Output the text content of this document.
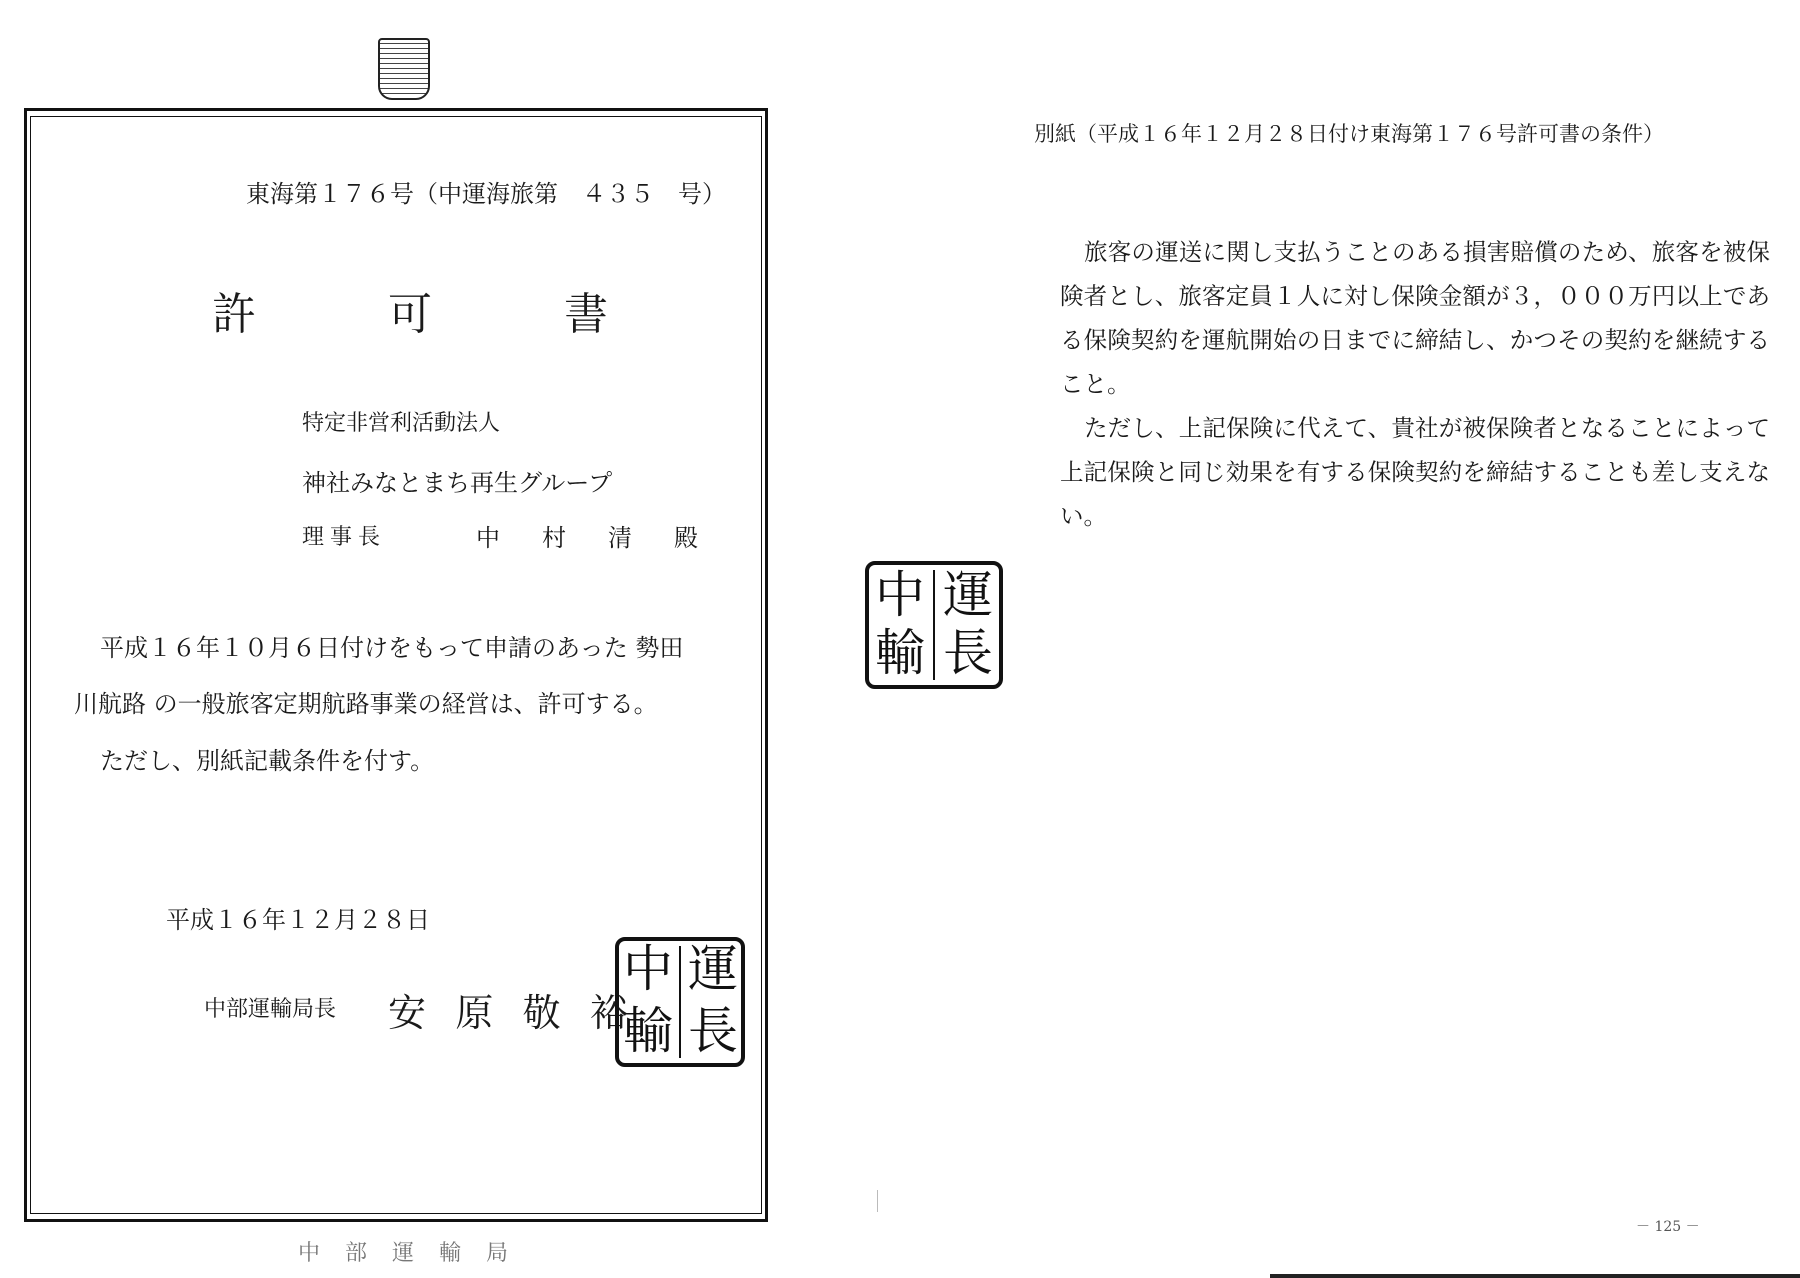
東海第１７６号（中運海旅第　４３５　号）
許	可	書
特定非営利活動法人
神社みなとまち再生グループ
理事長	中 村 清 殿
平成１６年１０月６日付けをもって申請のあった 勢田
川航路 の一般旅客定期航路事業の経営は、許可する。
ただし、別紙記載条件を付す。
平成１６年１２月２８日
中部運輸局長 安 原 敬 裕
運
長
中
輸
中 部 運 輸 局
別紙（平成１６年１２月２８日付け東海第１７６号許可書の条件）

旅客の運送に関し支払うことのある損害賠償のため、旅客を被保険者とし、旅客定員１人に対し保険金額が３，０００万円以上である保険契約を運航開始の日までに締結し、かつその契約を継続すること。

ただし、上記保険に代えて、貴社が被保険者となることによって上記保険と同じ効果を有する保険契約を締結することも差し支えない。

運
長
中
輸
－ 125 －
